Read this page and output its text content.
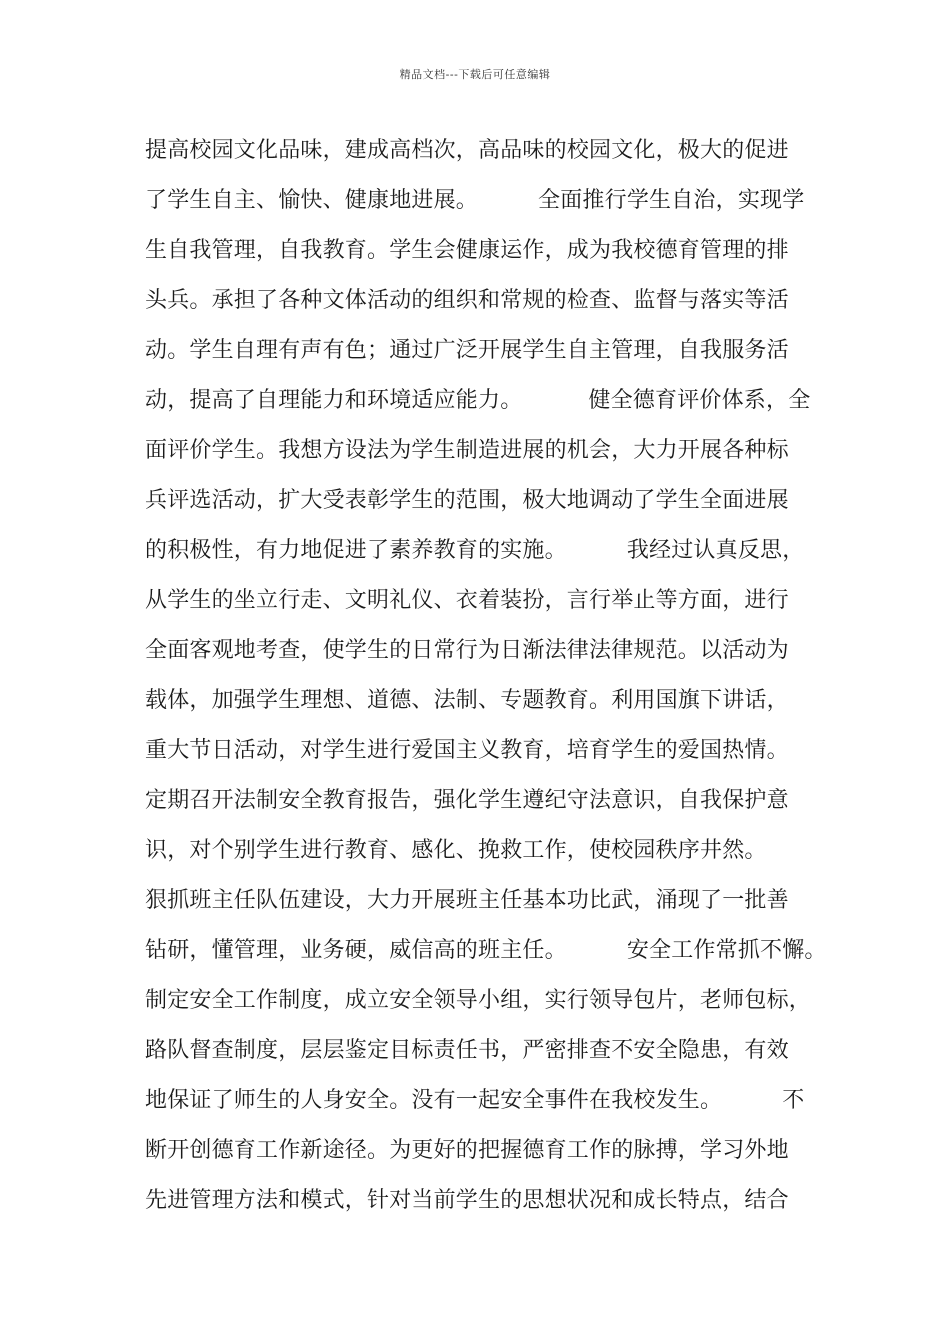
精品文档---下载后可任意编辑
提高校园文化品味，建成高档次，高品味的校园文化，极大的促进
了学生自主、愉快、健康地进展。	全面推行学生自治，实现学
生自我管理，自我教育。学生会健康运作，成为我校德育管理的排
头兵。承担了各种文体活动的组织和常规的检查、监督与落实等活
动。学生自理有声有色；通过广泛开展学生自主管理，自我服务活
动，提高了自理能力和环境适应能力。	健全德育评价体系，全
面评价学生。我想方设法为学生制造进展的机会，大力开展各种标
兵评选活动，扩大受表彰学生的范围，极大地调动了学生全面进展
的积极性，有力地促进了素养教育的实施。	我经过认真反思，
从学生的坐立行走、文明礼仪、衣着装扮，言行举止等方面，进行
全面客观地考查，使学生的日常行为日渐法律法律规范。以活动为
载体，加强学生理想、道德、法制、专题教育。利用国旗下讲话，
重大节日活动，对学生进行爱国主义教育，培育学生的爱国热情。
定期召开法制安全教育报告，强化学生遵纪守法意识，自我保护意
识，对个别学生进行教育、感化、挽救工作，使校园秩序井然。
狠抓班主任队伍建设，大力开展班主任基本功比武，涌现了一批善
钻研，懂管理，业务硬，威信高的班主任。	安全工作常抓不懈。
制定安全工作制度，成立安全领导小组，实行领导包片，老师包标，
路队督查制度，层层鉴定目标责任书，严密排查不安全隐患，有效
地保证了师生的人身安全。没有一起安全事件在我校发生。	不
断开创德育工作新途径。为更好的把握德育工作的脉搏，学习外地
先进管理方法和模式，针对当前学生的思想状况和成长特点，结合
